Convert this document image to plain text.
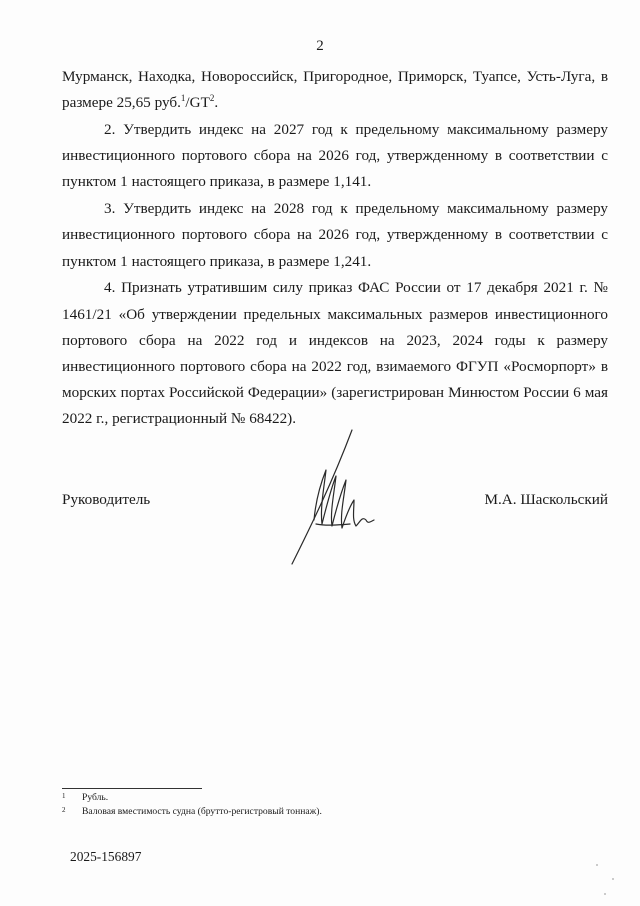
2

Мурманск, Находка, Новороссийск, Пригородное, Приморск, Туапсе, Усть-Луга, в размере 25,65 $руб.^1/GT^2$.

2. Утвердить индекс на 2027 год к предельному максимальному размеру инвестиционного портового сбора на 2026 год, утвержденному в соответствии с пунктом 1 настоящего приказа, в размере 1,141.

3. Утвердить индекс на 2028 год к предельному максимальному размеру инвестиционного портового сбора на 2026 год, утвержденному в соответствии с пунктом 1 настоящего приказа, в размере 1,241.

4. Признать утратившим силу приказ ФАС России от 17 декабря 2021 г. № 1461/21 «Об утверждении предельных максимальных размеров инвестиционного портового сбора на 2022 год и индексов на 2023, 2024 годы к размеру инвестиционного портового сбора на 2022 год, взимаемого ФГУП «Росморпорт» в морских портах Российской Федерации» (зарегистрирован Минюстом России 6 мая 2022 г., регистрационный № 68422).

Руководитель	М.А. Шаскольский
1	Рубль.
2	Валовая вместимость судна (брутто-регистровый тоннаж).
2025-156897
